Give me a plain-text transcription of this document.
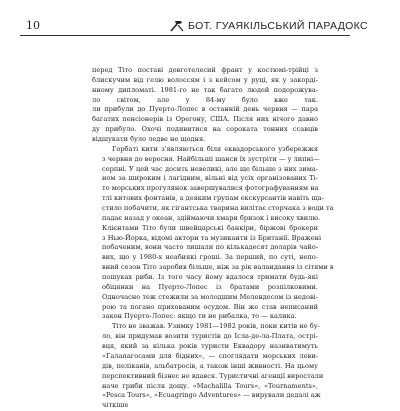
10	БОТ. ГУАЯКІЛЬСЬКИЙ ПАРАДОКС
перед Тіто поставі довготелесий франт у костюмі-трійці з
блискучим від гелю волоссям і з кейсом у руці, як у закорді-
нному дипломаті. 1981-го не так багато людей подорожува-
ло світом, але у 84-му було вже так.
ли прибули до Пуерто-Лопес в останній день червня — пара
багатих пенсіонерів із Орегону, США. Після них нічого давно
ду прибуло. Охочі подивитися на сороката тонних ссавців
відшукати було ледве не щодня.
Горбаті кити з'являються біля еквадорського узбережжя
з червня до вересня. Найбільші шанси їх зустріти — у липні—
серпні. У цей час досить невеликі, але ще більше з них зима-
ном за широким і лагідним, вільні від усіх організованих Ті-
то морських прогулянок завершувалися фотографуванням на
тлі китових фонтанів, а деяким групам екскурсантів навіть ща-
стило побачити, як гігантська тварина вилітає сторчака з води та
падає назад у океан, здіймаючи хмари бризок і високу хвилю.
Клієнтами Тіто були швейцарські банкіри, біржові брокери
з Нью-Йорка, відомі актори та музиканти із Британії. Вражені
побаченим, вони часто лишали по кількадесят доларів чайо-
вих, що у 1980-х неабиякі гроші. За перший, по суті, непо-
вний сезон Тіто заробив більше, ніж за рік валандання із сітями в
пошуках риби. Із того часу йому вдалося тримати будь-які
обіцянки на Пуерто-Лопес із братами розпілковими.
Одночасно теж стежили за молодшим Мелендесом із недові-
рою та погано прихованим осудом. Він же став неписаний
закон Пуерто-Лопес: якщо ти не рибалка, то — калика.
Тіто не зважав. Узимку 1981—1982 років, поки китів не бу-
ло, він придумав возити туристів до Ісла-де-ла-Плата, острі-
вця, який за кілька років туристи Еквадору називатимуть
«Галапагосами для бідних», — споглядати морських леви-
дів, пеліканів, альбатросів, а також інші живності. На цьому
перспективний бізнес не вдався. Туристичні агенції виростали
наче гриби після дощу. «Machalilla Tours», «Tournaments»,
«Pesca Tours», «Ecuagringo Adventures» — вирували дедалі аж
чіткіше
